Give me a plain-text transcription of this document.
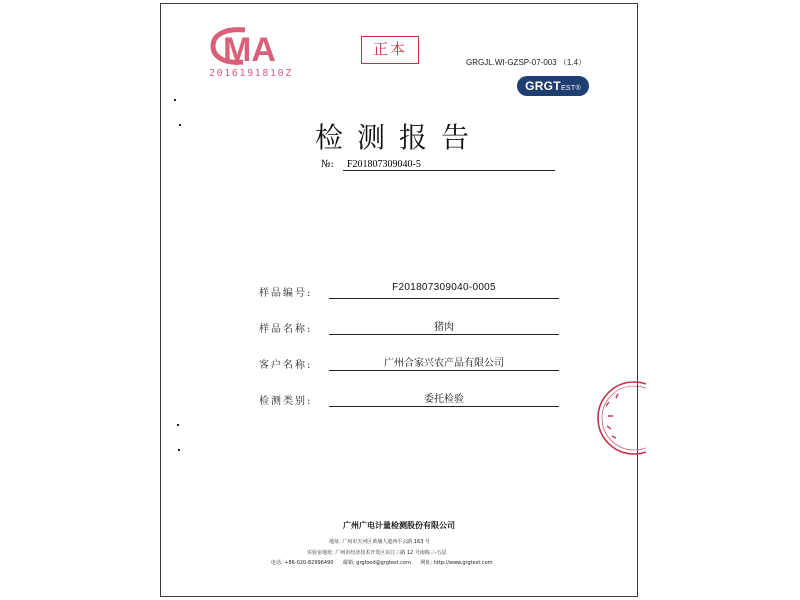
MA
2016191810Z
正本
GRGJL.WI-GZSP-07-003 （1.4）
GRGTEST®
检测报告
№:	F201807309040-5
样品编号:
F201807309040-0005
样品名称:	猪肉
客户名称:	广州合家兴农产品有限公司
检测类别:	委托检验
广州广电计量检测股份有限公司
地址: 广州市天河区黄埔大道西平云路 163 号
实验室地址: 广州市经济技术开发区东江三路 12 号南栋三-五层
电话: +86-020-82996490 邮箱: grgfood@grgtest.com 网址: http://www.grgtest.com
